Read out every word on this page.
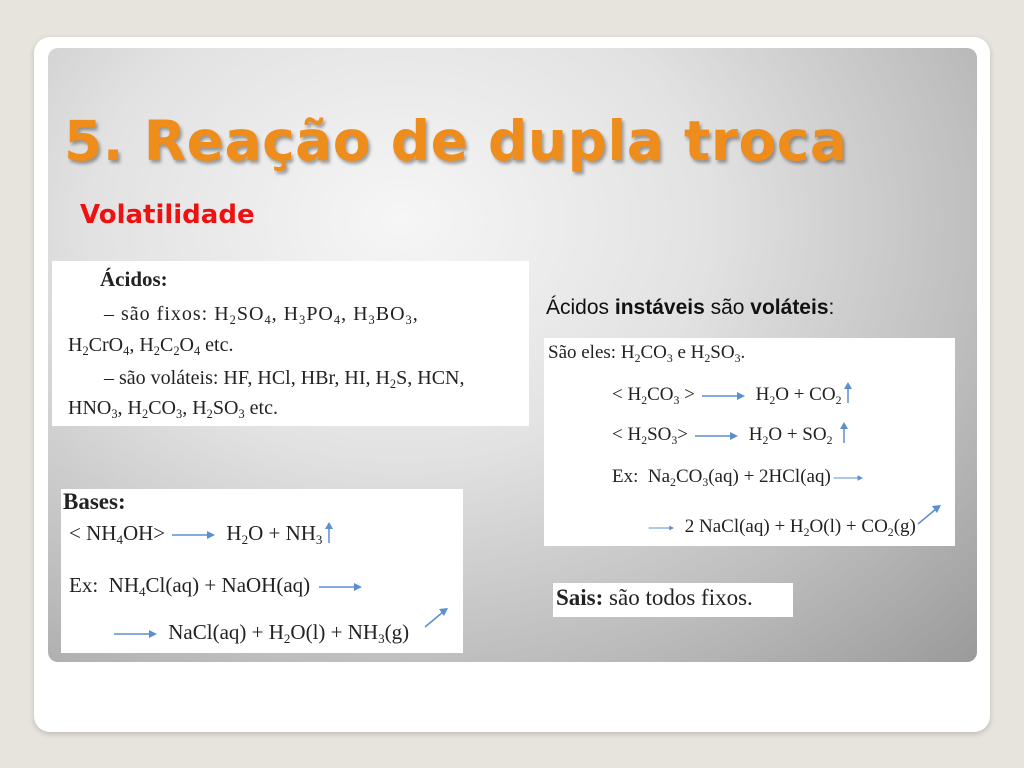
5. Reação de dupla troca
Volatilidade
Ácidos:
– são fixos: $H_2SO_4$, $H_3PO_4$, $H_3BO_3$,
$H_2CrO_4$, $H_2C_2O_4$ etc.
– são voláteis: HF, HCl, HBr, HI, $H_2S$, HCN,
$HNO_3$, $H_2CO_3$, $H_2SO_3$ etc.
Ácidos instáveis são voláteis:
São eles: $H_2CO_3$ e $H_2SO_3$.
< $H_2CO_3$ >	$H_2O + CO_2$
< $H_2SO_3>$	$H_2O + SO_2$
Ex:  $Na_2CO_3(aq) + 2HCl(aq)$
2 NaCl(aq) + $H_2O(l) + CO_2(g)$
Bases:
< $NH_4OH>$	$H_2O + NH_3$
Ex: $NH_4Cl(aq)$ + NaOH(aq)
NaCl(aq) + $H_2O(l) + NH_3(g)$
Sais: são todos fixos.
